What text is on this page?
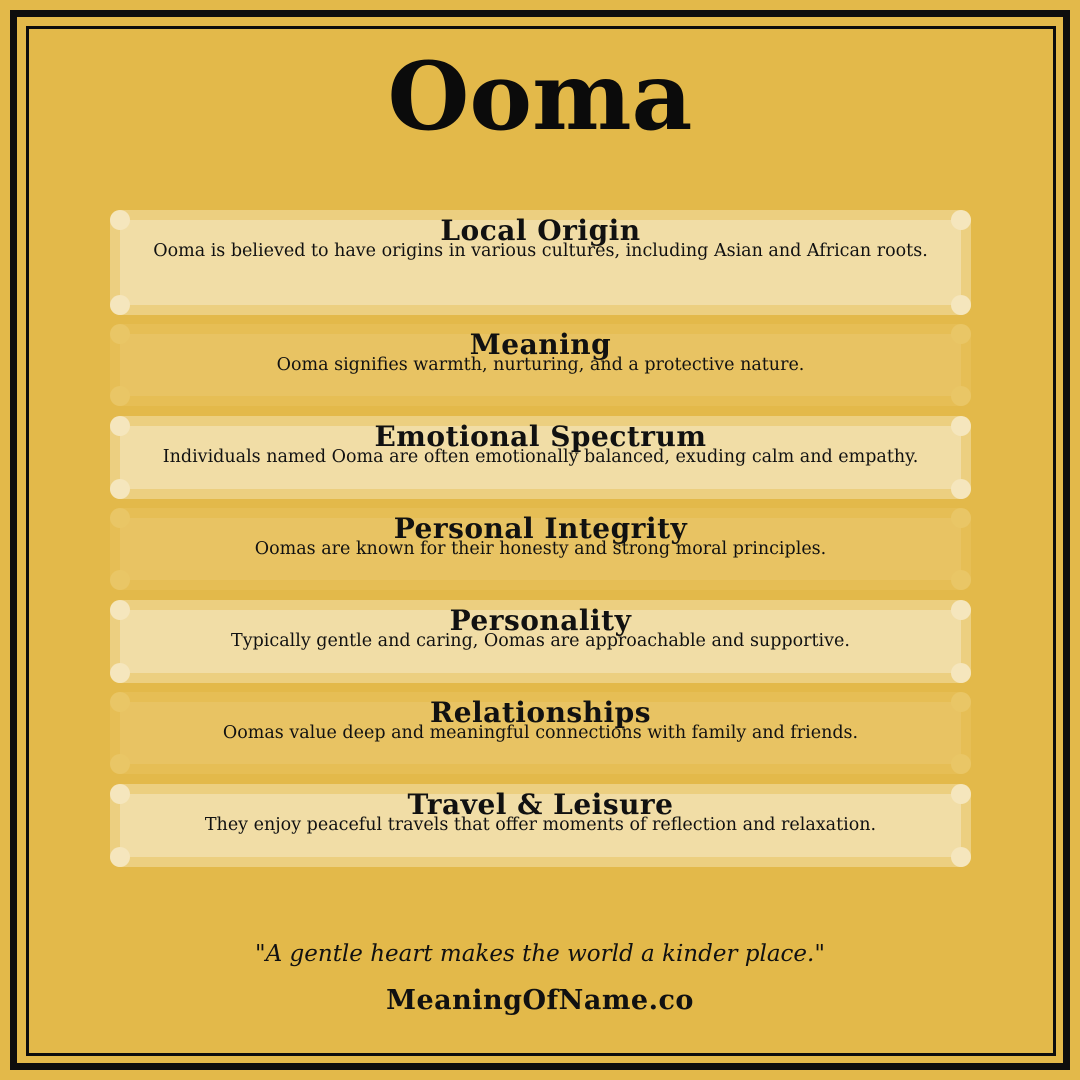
Ooma
Local Origin
Ooma is believed to have origins in various cultures, including Asian and African roots.
Meaning
Ooma signifies warmth, nurturing, and a protective nature.
Emotional Spectrum
Individuals named Ooma are often emotionally balanced, exuding calm and empathy.
Personal Integrity
Oomas are known for their honesty and strong moral principles.
Personality
Typically gentle and caring, Oomas are approachable and supportive.
Relationships
Oomas value deep and meaningful connections with family and friends.
Travel & Leisure
They enjoy peaceful travels that offer moments of reflection and relaxation.
"A gentle heart makes the world a kinder place."
MeaningOfName.co
